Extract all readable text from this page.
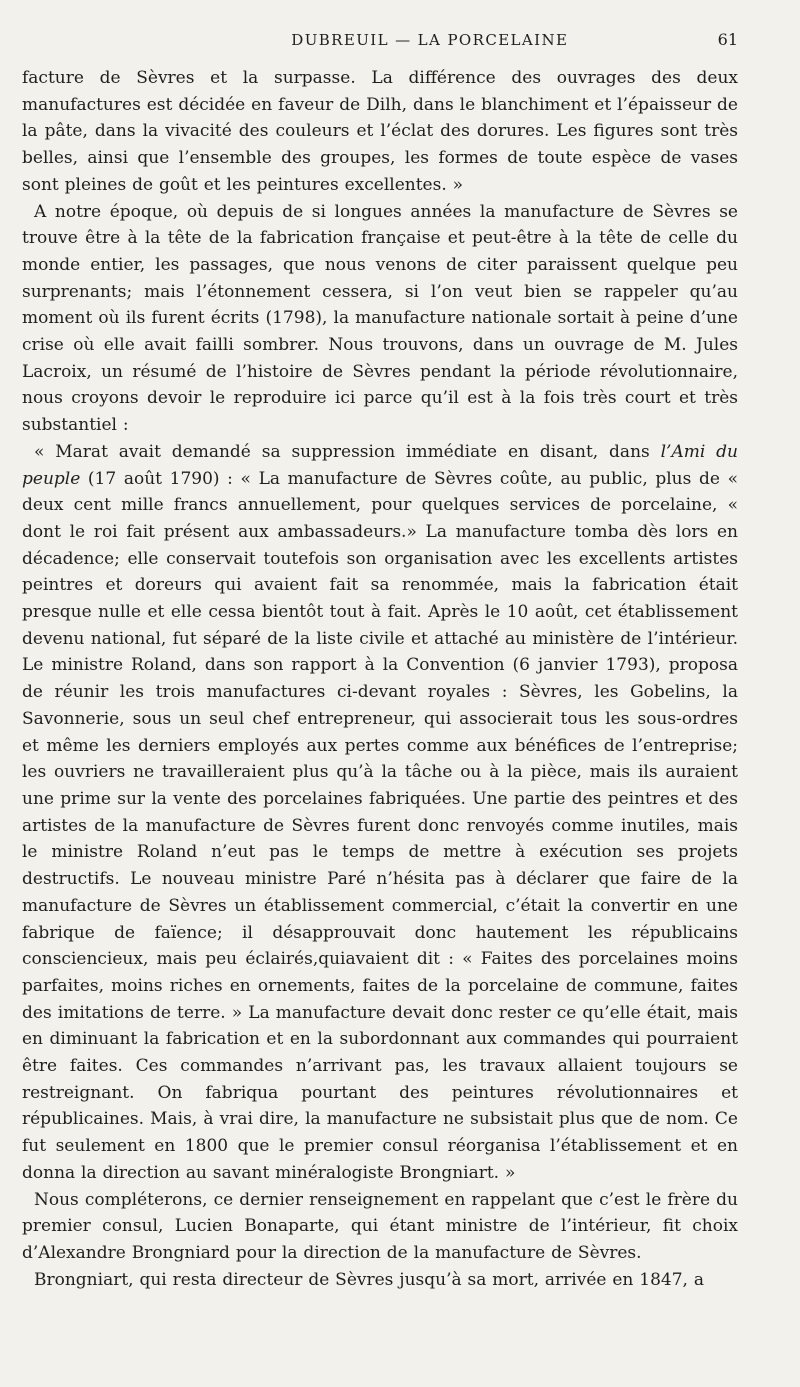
DUBREUIL — LA PORCELAINE	61

facture de Sèvres et la surpasse. La différence des ouvrages des deux manufactures est décidée en faveur de Dilh, dans le blanchiment et l’épaisseur de la pâte, dans la vivacité des couleurs et l’éclat des dorures. Les figures sont très belles, ainsi que l’ensemble des groupes, les formes de toute espèce de vases sont pleines de goût et les peintures excellentes. »

A notre époque, où depuis de si longues années la manufacture de Sèvres se trouve être à la tête de la fabrication française et peut-être à la tête de celle du monde entier, les passages, que nous venons de citer paraissent quelque peu surprenants; mais l’étonnement cessera, si l’on veut bien se rappeler qu’au moment où ils furent écrits (1798), la manufacture nationale sortait à peine d’une crise où elle avait failli sombrer. Nous trouvons, dans un ouvrage de M. Jules Lacroix, un résumé de l’histoire de Sèvres pendant la période révolutionnaire, nous croyons devoir le reproduire ici parce qu’il est à la fois très court et très substantiel :

« Marat avait demandé sa suppression immédiate en disant, dans l’Ami du peuple (17 août 1790) : « La manufacture de Sèvres coûte, au public, plus de « deux cent mille francs annuellement, pour quelques services de porcelaine, « dont le roi fait présent aux ambassadeurs.» La manufacture tomba dès lors en décadence; elle conservait toutefois son organisation avec les excellents artistes peintres et doreurs qui avaient fait sa renommée, mais la fabrication était presque nulle et elle cessa bientôt tout à fait. Après le 10 août, cet établissement devenu national, fut séparé de la liste civile et attaché au ministère de l’intérieur. Le ministre Roland, dans son rapport à la Convention (6 janvier 1793), proposa de réunir les trois manufactures ci-devant royales : Sèvres, les Gobelins, la Savonnerie, sous un seul chef entrepreneur, qui associerait tous les sous-ordres et même les derniers employés aux pertes comme aux bénéfices de l’entreprise; les ouvriers ne travailleraient plus qu’à la tâche ou à la pièce, mais ils auraient une prime sur la vente des porcelaines fabriquées. Une partie des peintres et des artistes de la manufacture de Sèvres furent donc renvoyés comme inutiles, mais le ministre Roland n’eut pas le temps de mettre à exécution ses projets destructifs. Le nouveau ministre Paré n’hésita pas à déclarer que faire de la manufacture de Sèvres un établissement commercial, c’était la convertir en une fabrique de faïence; il désapprouvait donc hautement les républicains consciencieux, mais peu éclairés,quiavaient dit : « Faites des porcelaines moins parfaites, moins riches en ornements, faites de la porcelaine de commune, faites des imitations de terre. » La manufacture devait donc rester ce qu’elle était, mais en diminuant la fabrication et en la subordonnant aux commandes qui pourraient être faites. Ces commandes n’arrivant pas, les travaux allaient toujours se restreignant. On fabriqua pourtant des peintures révolutionnaires et républicaines. Mais, à vrai dire, la manufacture ne subsistait plus que de nom. Ce fut seulement en 1800 que le premier consul réorganisa l’établissement et en donna la direction au savant minéralogiste Brongniart. »

Nous compléterons, ce dernier renseignement en rappelant que c’est le frère du premier consul, Lucien Bonaparte, qui étant ministre de l’intérieur, fit choix d’Alexandre Brongniard pour la direction de la manufacture de Sèvres.

Brongniart, qui resta directeur de Sèvres jusqu’à sa mort, arrivée en 1847, a
